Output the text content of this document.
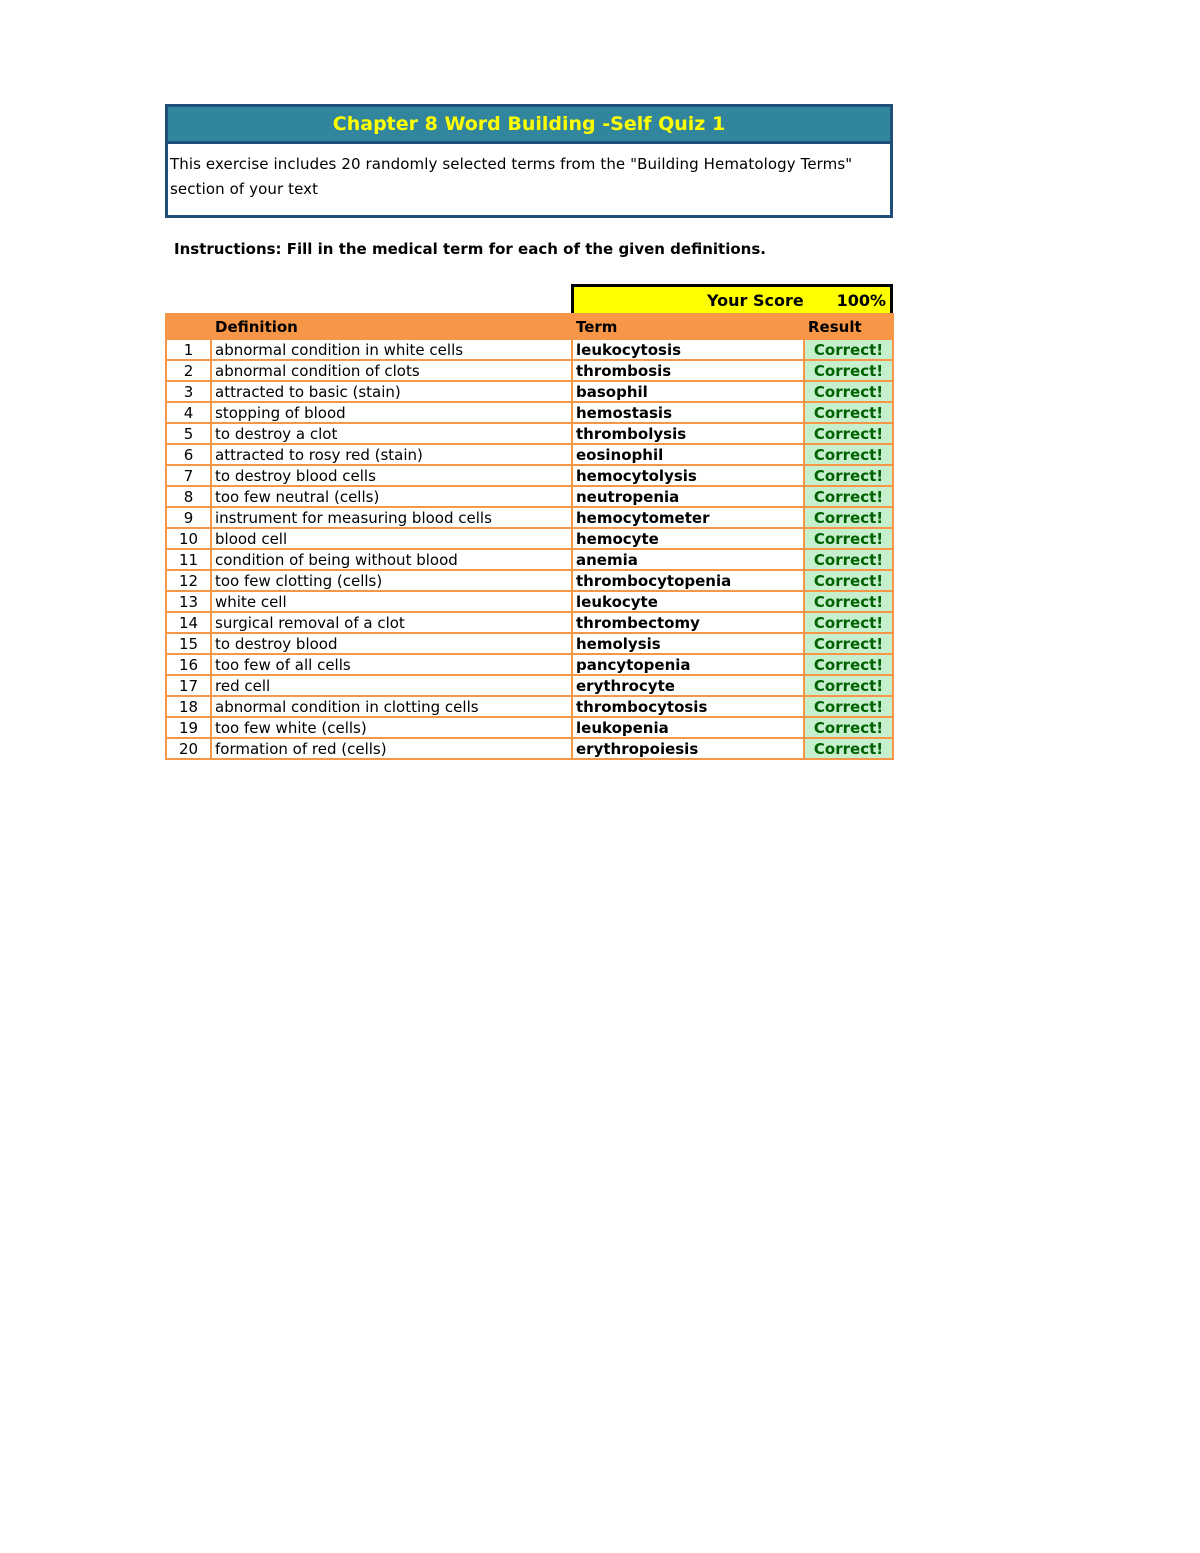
Chapter 8 Word Building -Self Quiz 1
This exercise includes 20 randomly selected terms from the "Building Hematology Terms"
section of your text
Instructions: Fill in the medical term for each of the given definitions.
Your Score 100%
	Definition	Term	Result
1	abnormal condition in white cells	leukocytosis	Correct!
2	abnormal condition of clots	thrombosis	Correct!
3	attracted to basic (stain)	basophil	Correct!
4	stopping of blood	hemostasis	Correct!
5	to destroy a clot	thrombolysis	Correct!
6	attracted to rosy red (stain)	eosinophil	Correct!
7	to destroy blood cells	hemocytolysis	Correct!
8	too few neutral (cells)	neutropenia	Correct!
9	instrument for measuring blood cells	hemocytometer	Correct!
10	blood cell	hemocyte	Correct!
11	condition of being without blood	anemia	Correct!
12	too few clotting (cells)	thrombocytopenia	Correct!
13	white cell	leukocyte	Correct!
14	surgical removal of a clot	thrombectomy	Correct!
15	to destroy blood	hemolysis	Correct!
16	too few of all cells	pancytopenia	Correct!
17	red cell	erythrocyte	Correct!
18	abnormal condition in clotting cells	thrombocytosis	Correct!
19	too few white (cells)	leukopenia	Correct!
20	formation of red (cells)	erythropoiesis	Correct!
